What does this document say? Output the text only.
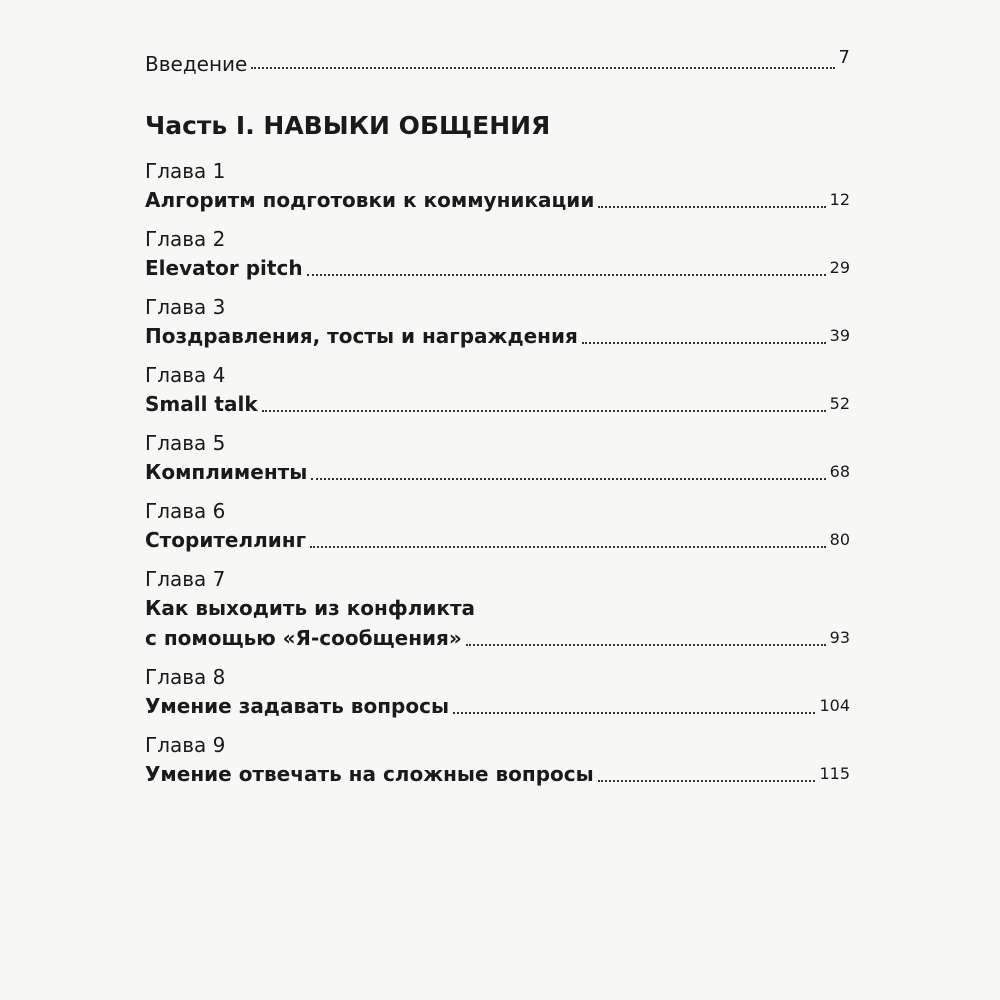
Введение	7
Часть I. НАВЫКИ ОБЩЕНИЯ
Глава 1
Алгоритм подготовки к коммуникации	12
Глава 2
Elevator pitch	29
Глава 3
Поздравления, тосты и награждения	39
Глава 4
Small talk	52
Глава 5
Комплименты	68
Глава 6
Сторителлинг	80
Глава 7
Как выходить из конфликта
с помощью «Я-сообщения»	93
Глава 8
Умение задавать вопросы	104
Глава 9
Умение отвечать на сложные вопросы	115
